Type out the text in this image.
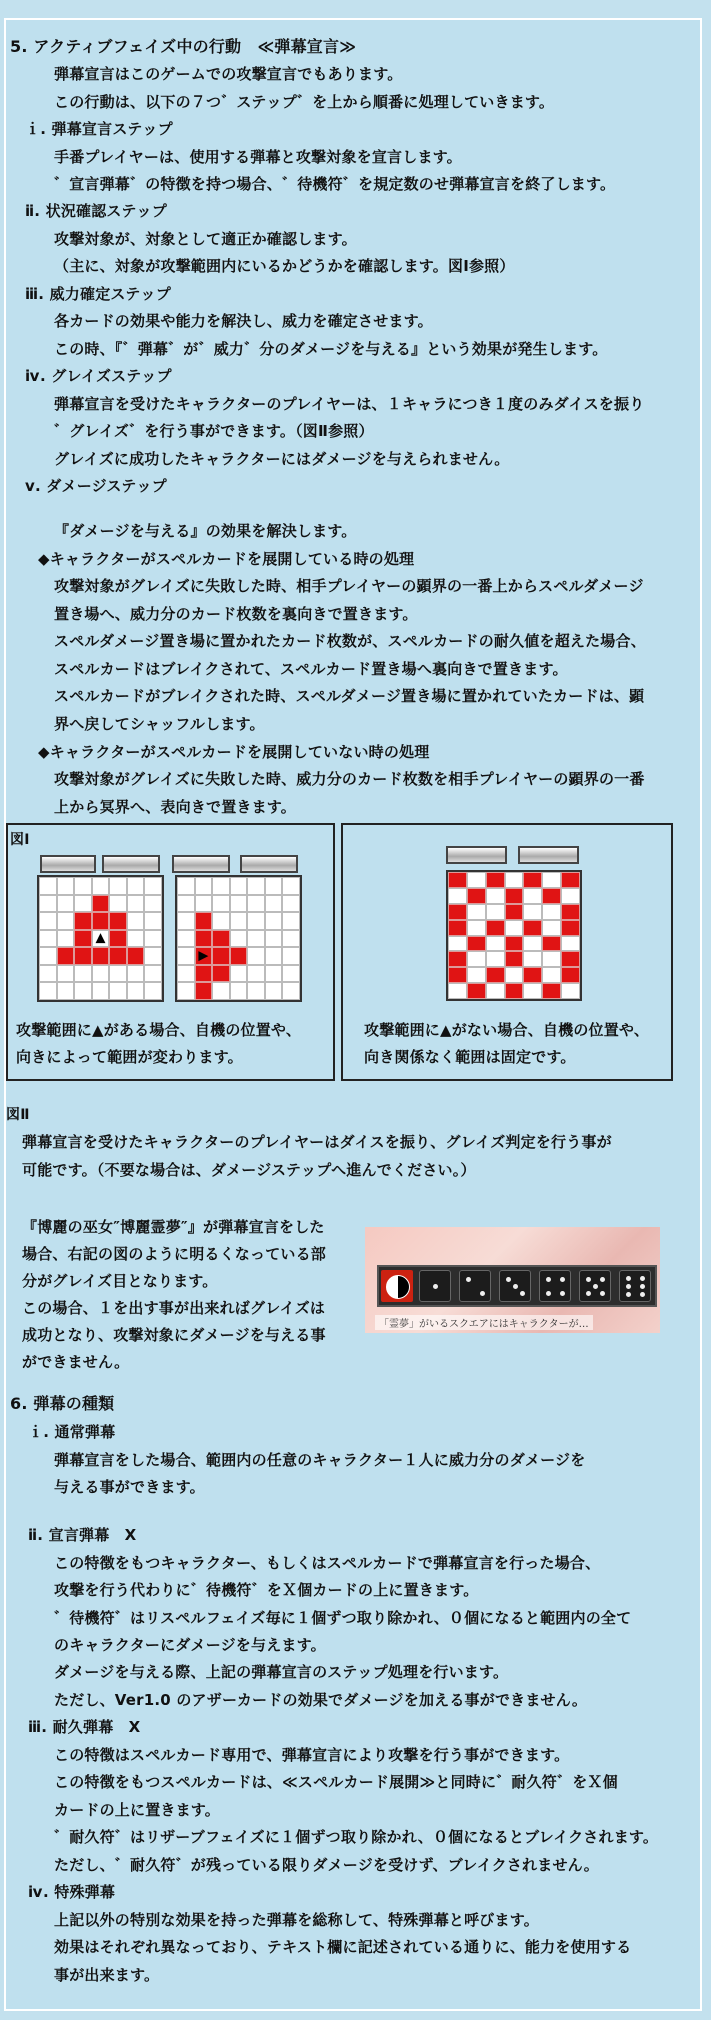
5. アクティブフェイズ中の行動　≪弾幕宣言≫
弾幕宣言はこのゲームでの攻撃宣言でもあります。
この行動は、以下の７つ゛ステップ゛を上から順番に処理していきます。
ｉ. 弾幕宣言ステップ
手番プレイヤーは、使用する弾幕と攻撃対象を宣言します。
゛宣言弾幕゛の特徴を持つ場合、゛待機符゛を規定数のせ弾幕宣言を終了します。
ⅱ. 状況確認ステップ
攻撃対象が、対象として適正か確認します。
（主に、対象が攻撃範囲内にいるかどうかを確認します。図Ⅰ参照）
ⅲ. 威力確定ステップ
各カードの効果や能力を解決し、威力を確定させます。
この時、『゛弾幕゛が゛威力゛分のダメージを与える』という効果が発生します。
ⅳ. グレイズステップ
弾幕宣言を受けたキャラクターのプレイヤーは、１キャラにつき１度のみダイスを振り
゛グレイズ゛を行う事ができます。（図Ⅱ参照）
グレイズに成功したキャラクターにはダメージを与えられません。
ⅴ. ダメージステップ
『ダメージを与える』の効果を解決します。
◆キャラクターがスペルカードを展開している時の処理
攻撃対象がグレイズに失敗した時、相手プレイヤーの顕界の一番上からスペルダメージ
置き場へ、威力分のカード枚数を裏向きで置きます。
スペルダメージ置き場に置かれたカード枚数が、スペルカードの耐久値を超えた場合、
スペルカードはブレイクされて、スペルカード置き場へ裏向きで置きます。
スペルカードがブレイクされた時、スペルダメージ置き場に置かれていたカードは、顕
界へ戻してシャッフルします。
◆キャラクターがスペルカードを展開していない時の処理
攻撃対象がグレイズに失敗した時、威力分のカード枚数を相手プレイヤーの顕界の一番
上から冥界へ、表向きで置きます。
図Ⅰ
▲
▶
攻撃範囲に▲がある場合、自機の位置や、
向きによって範囲が変わります。
攻撃範囲に▲がない場合、自機の位置や、
向き関係なく範囲は固定です。
図Ⅱ
弾幕宣言を受けたキャラクターのプレイヤーはダイスを振り、グレイズ判定を行う事が
可能です。（不要な場合は、ダメージステップへ進んでください。）
『博麗の巫女″博麗霊夢″』が弾幕宣言をした
場合、右記の図のように明るくなっている部
分がグレイズ目となります。
この場合、１を出す事が出来ればグレイズは
成功となり、攻撃対象にダメージを与える事
ができません。
「霊夢」がいるスクエアにはキャラクターが…
6. 弾幕の種類
ｉ. 通常弾幕
弾幕宣言をした場合、範囲内の任意のキャラクター１人に威力分のダメージを
与える事ができます。
ⅱ. 宣言弾幕　X
この特徴をもつキャラクター、もしくはスペルカードで弾幕宣言を行った場合、
攻撃を行う代わりに゛待機符゛をＸ個カードの上に置きます。
゛待機符゛はリスペルフェイズ毎に１個ずつ取り除かれ、０個になると範囲内の全て
のキャラクターにダメージを与えます。
ダメージを与える際、上記の弾幕宣言のステップ処理を行います。
ただし、Ver1.0 のアザーカードの効果でダメージを加える事ができません。
ⅲ. 耐久弾幕　X
この特徴はスペルカード専用で、弾幕宣言により攻撃を行う事ができます。
この特徴をもつスペルカードは、≪スペルカード展開≫と同時に゛耐久符゛をＸ個
カードの上に置きます。
゛耐久符゛はリザーブフェイズに１個ずつ取り除かれ、０個になるとブレイクされます。
ただし、゛耐久符゛が残っている限りダメージを受けず、ブレイクされません。
ⅳ. 特殊弾幕
上記以外の特別な効果を持った弾幕を総称して、特殊弾幕と呼びます。
効果はそれぞれ異なっており、テキスト欄に記述されている通りに、能力を使用する
事が出来ます。
